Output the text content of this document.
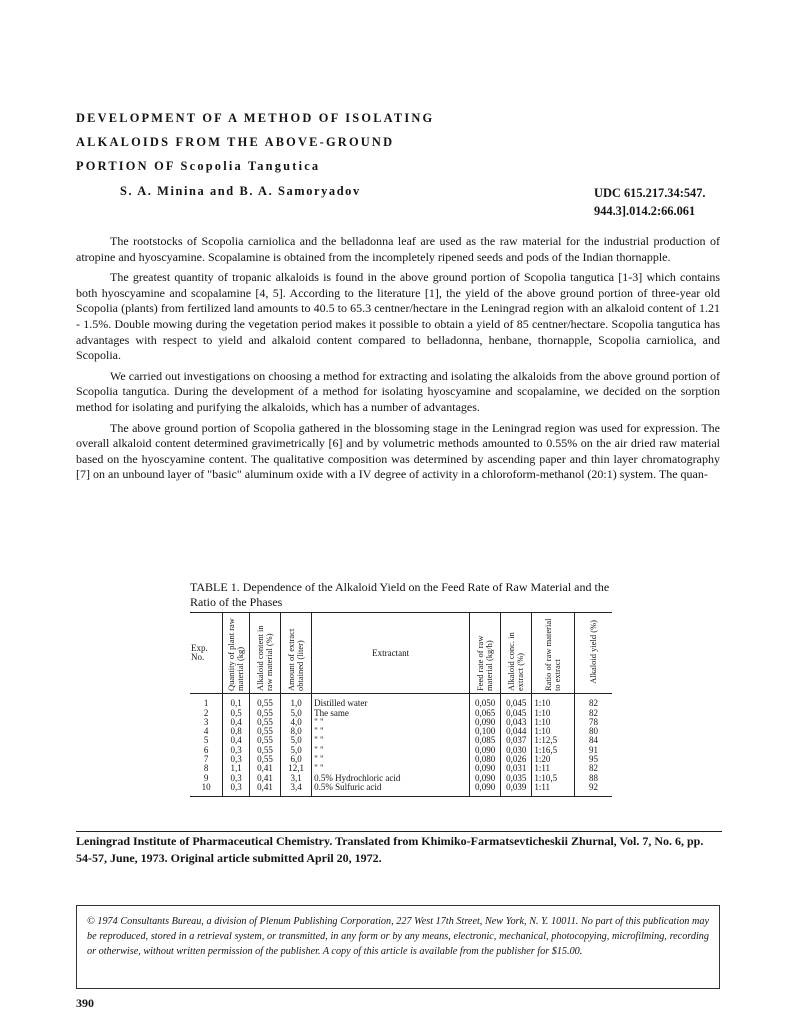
DEVELOPMENT OF A METHOD OF ISOLATING
ALKALOIDS FROM THE ABOVE-GROUND
PORTION OF Scopolia Tangutica
S. A. Minina and B. A. Samoryadov	UDC 615.217.34:547.
944.3].014.2:66.061

The rootstocks of Scopolia carniolica and the belladonna leaf are used as the raw material for the industrial production of atropine and hyoscyamine. Scopalamine is obtained from the incompletely ripened seeds and pods of the Indian thornapple.

The greatest quantity of tropanic alkaloids is found in the above ground portion of Scopolia tangutica [1-3] which contains both hyoscyamine and scopalamine [4, 5]. According to the literature [1], the yield of the above ground portion of three-year old Scopolia (plants) from fertilized land amounts to 40.5 to 65.3 centner/hectare in the Leningrad region with an alkaloid content of 1.21 - 1.5%. Double mowing during the vegetation period makes it possible to obtain a yield of 85 centner/hectare. Scopolia tangutica has advantages with respect to yield and alkaloid content compared to belladonna, henbane, thornapple, Scopolia carniolica, and Scopolia.

We carried out investigations on choosing a method for extracting and isolating the alkaloids from the above ground portion of Scopolia tangutica. During the development of a method for isolating hyoscyamine and scopalamine, we decided on the sorption method for isolating and purifying the alkaloids, which has a number of advantages.

The above ground portion of Scopolia gathered in the blossoming stage in the Leningrad region was used for expression. The overall alkaloid content determined gravimetrically [6] and by volumetric methods amounted to 0.55% on the air dried raw material based on the hyoscyamine content. The qualitative composition was determined by ascending paper and thin layer chromatography [7] on an unbound layer of "basic" aluminum oxide with a IV degree of activity in a chloroform-methanol (20:1) system. The quan-

TABLE 1. Dependence of the Alkaloid Yield on the Feed Rate of Raw Material and the Ratio of the Phases
Exp. No.	Quantity of plant raw material (kg)	Alkaloid content in raw material (%)	Amount of extract obtained (liter)	Extractant	Feed rate of raw material (kg/h)	Alkaloid conc. in extract (%)	Ratio of raw material to extract	Alkaloid yield (%)
1	0,1	0,55	1,0	Distilled water	0,050	0,045	1:10	82
2	0,5	0,55	5,0	The same	0,065	0,045	1:10	82
3	0,4	0,55	4,0	" "	0,090	0,043	1:10	78
4	0,8	0,55	8,0	" "	0,100	0,044	1:10	80
5	0,4	0,55	5,0	" "	0,085	0,037	1:12,5	84
6	0,3	0,55	5,0	" "	0,090	0,030	1:16,5	91
7	0,3	0,55	6,0	" "	0,080	0,026	1:20	95
8	1,1	0,41	12,1	" "	0,090	0,031	1:11	82
9	0,3	0,41	3,1	0.5% Hydrochloric acid	0,090	0,035	1:10,5	88
10	0,3	0,41	3,4	0.5% Sulfuric acid	0,090	0,039	1:11	92
Leningrad Institute of Pharmaceutical Chemistry. Translated from Khimiko-Farmatsevticheskii Zhurnal, Vol. 7, No. 6, pp. 54-57, June, 1973. Original article submitted April 20, 1972.
© 1974 Consultants Bureau, a division of Plenum Publishing Corporation, 227 West 17th Street, New York, N. Y. 10011. No part of this publication may be reproduced, stored in a retrieval system, or transmitted, in any form or by any means, electronic, mechanical, photocopying, microfilming, recording or otherwise, without written permission of the publisher. A copy of this article is available from the publisher for $15.00.
390
